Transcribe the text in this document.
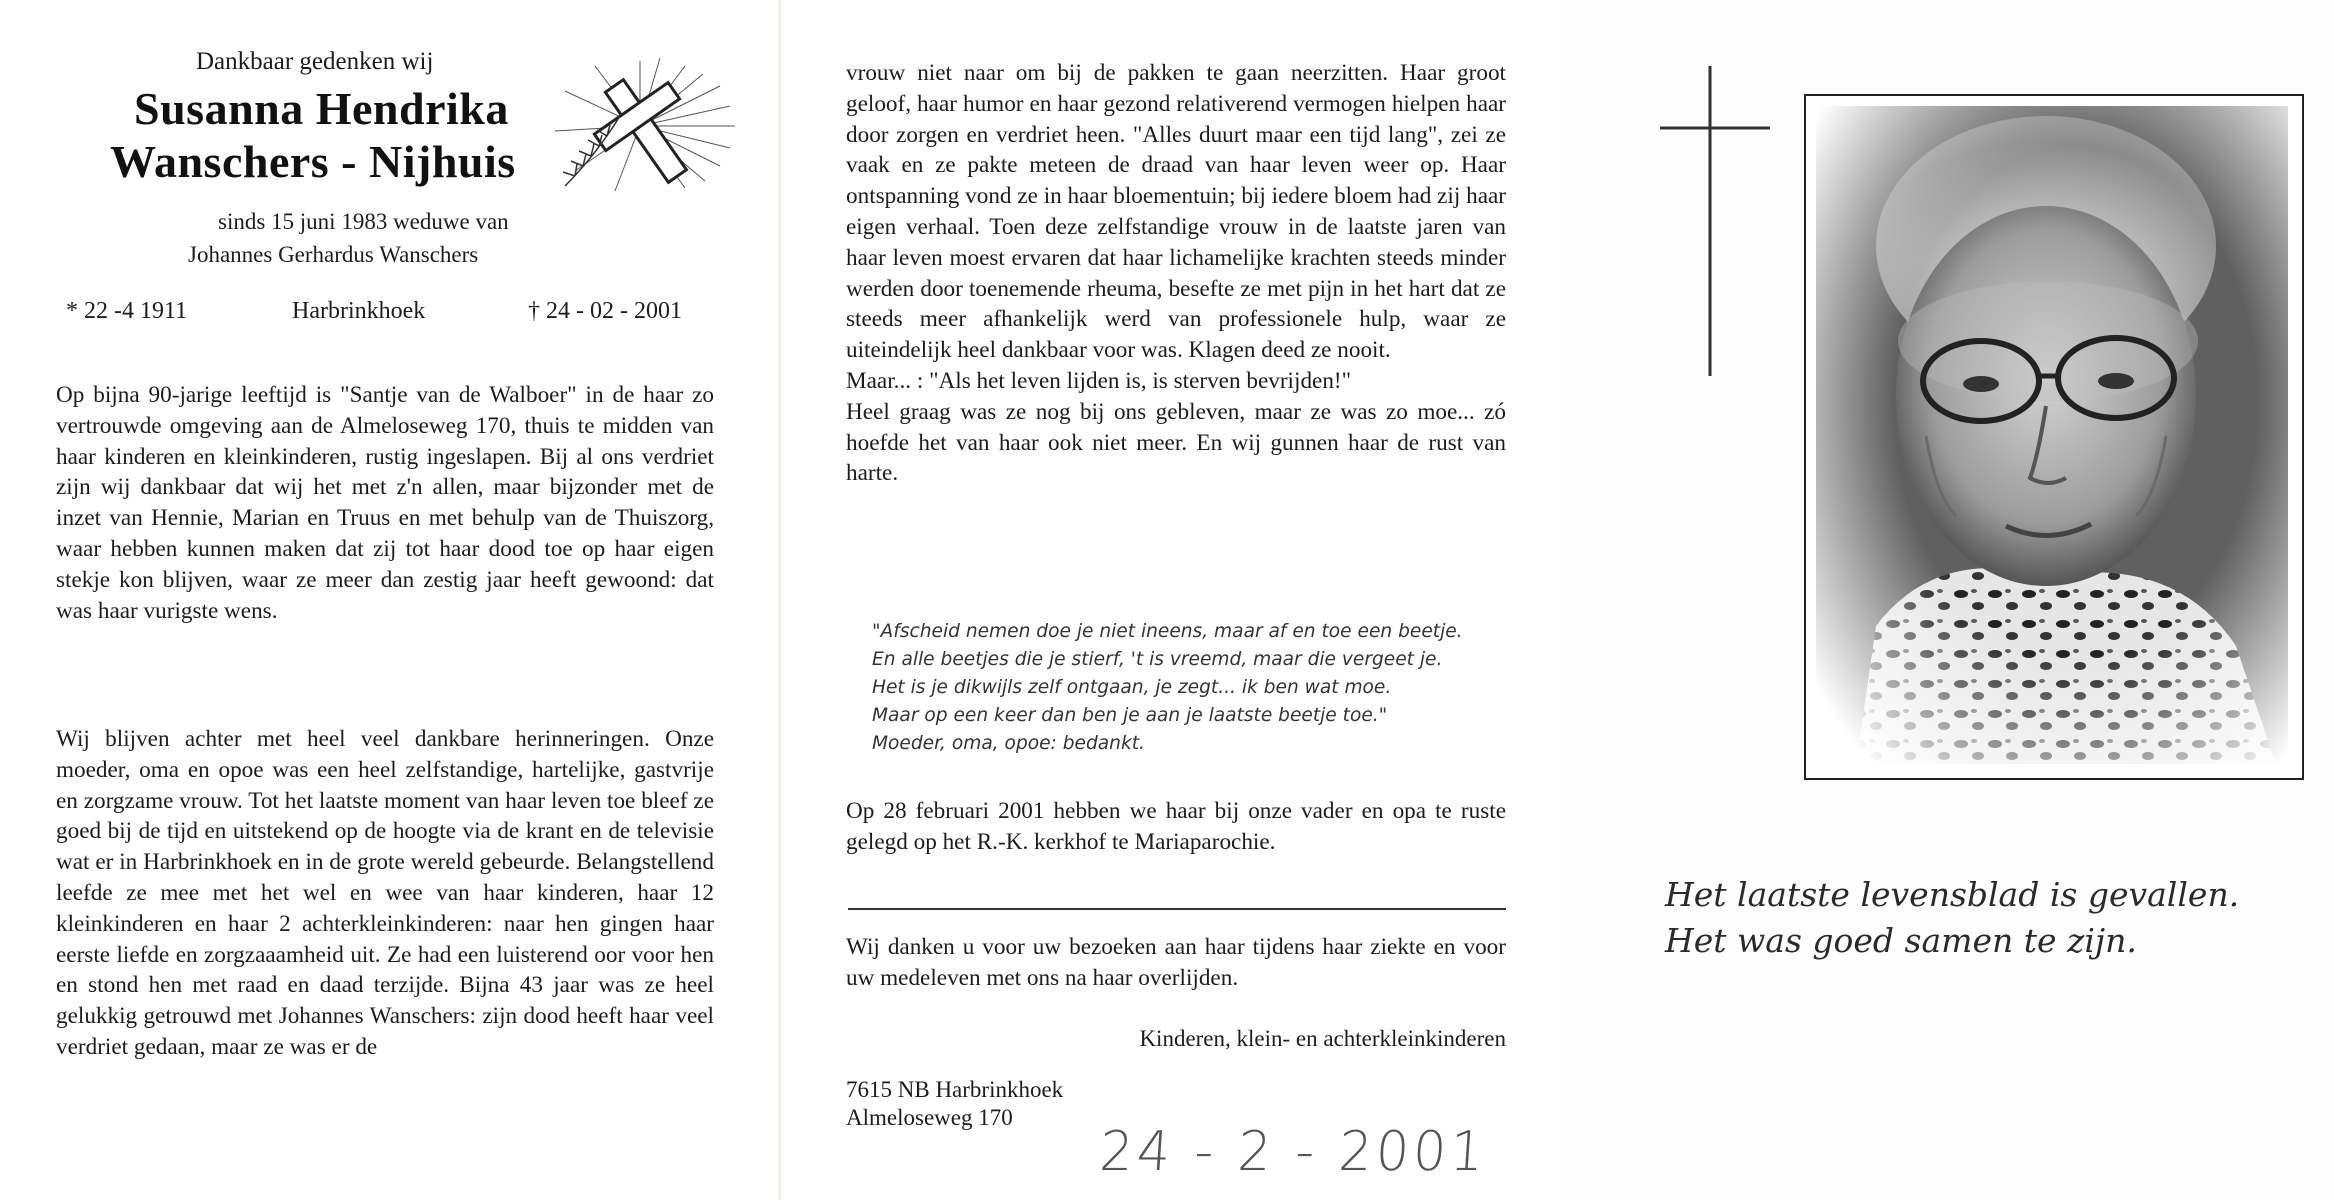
Dankbaar gedenken wij
Susanna Hendrika
Wanschers - Nijhuis
sinds 15 juni 1983 weduwe van
Johannes Gerhardus Wanschers
* 22 -4 1911	Harbrinkhoek	† 24 - 02 - 2001

Op bijna 90-jarige leeftijd is "Santje van de Walboer" in de haar zo vertrouwde omgeving aan de Almeloseweg 170, thuis te midden van haar kinderen en kleinkinderen, rustig ingeslapen. Bij al ons verdriet zijn wij dankbaar dat wij het met z'n allen, maar bijzonder met de inzet van Hennie, Marian en Truus en met behulp van de Thuiszorg, waar hebben kunnen maken dat zij tot haar dood toe op haar eigen stekje kon blijven, waar ze meer dan zestig jaar heeft gewoond: dat was haar vurigste wens.

Wij blijven achter met heel veel dankbare herinneringen. Onze moeder, oma en opoe was een heel zelfstandige, hartelijke, gastvrije en zorgzame vrouw. Tot het laatste moment van haar leven toe bleef ze goed bij de tijd en uitstekend op de hoogte via de krant en de televisie wat er in Harbrinkhoek en in de grote wereld gebeurde. Belangstellend leefde ze mee met het wel en wee van haar kinderen, haar 12 kleinkinderen en haar 2 achterkleinkinderen: naar hen gingen haar eerste liefde en zorgzaaamheid uit. Ze had een luisterend oor voor hen en stond hen met raad en daad terzijde. Bijna 43 jaar was ze heel gelukkig getrouwd met Johannes Wanschers: zijn dood heeft haar veel verdriet gedaan, maar ze was er de

vrouw niet naar om bij de pakken te gaan neerzitten. Haar groot geloof, haar humor en haar gezond relativerend vermogen hielpen haar door zorgen en verdriet heen. "Alles duurt maar een tijd lang", zei ze vaak en ze pakte meteen de draad van haar leven weer op. Haar ontspanning vond ze in haar bloementuin; bij iedere bloem had zij haar eigen verhaal. Toen deze zelfstandige vrouw in de laatste jaren van haar leven moest ervaren dat haar lichamelijke krachten steeds minder werden door toenemende rheuma, besefte ze met pijn in het hart dat ze steeds meer afhankelijk werd van professionele hulp, waar ze uiteindelijk heel dankbaar voor was. Klagen deed ze nooit.

Maar... : "Als het leven lijden is, is sterven bevrijden!"

Heel graag was ze nog bij ons gebleven, maar ze was zo moe... zó hoefde het van haar ook niet meer. En wij gunnen haar de rust van harte.

"Afscheid nemen doe je niet ineens, maar af en toe een beetje.
En alle beetjes die je stierf, 't is vreemd, maar die vergeet je.
Het is je dikwijls zelf ontgaan, je zegt... ik ben wat moe.
Maar op een keer dan ben je aan je laatste beetje toe."
Moeder, oma, opoe: bedankt.

Op 28 februari 2001 hebben we haar bij onze vader en opa te ruste gelegd op het R.-K. kerkhof te Mariaparochie.

Wij danken u voor uw bezoeken aan haar tijdens haar ziekte en voor uw medeleven met ons na haar overlijden.

Kinderen, klein- en achterkleinkinderen
7615 NB Harbrinkhoek
Almeloseweg 170
24 - 2 - 2001
Het laatste levensblad is gevallen.
Het was goed samen te zijn.
